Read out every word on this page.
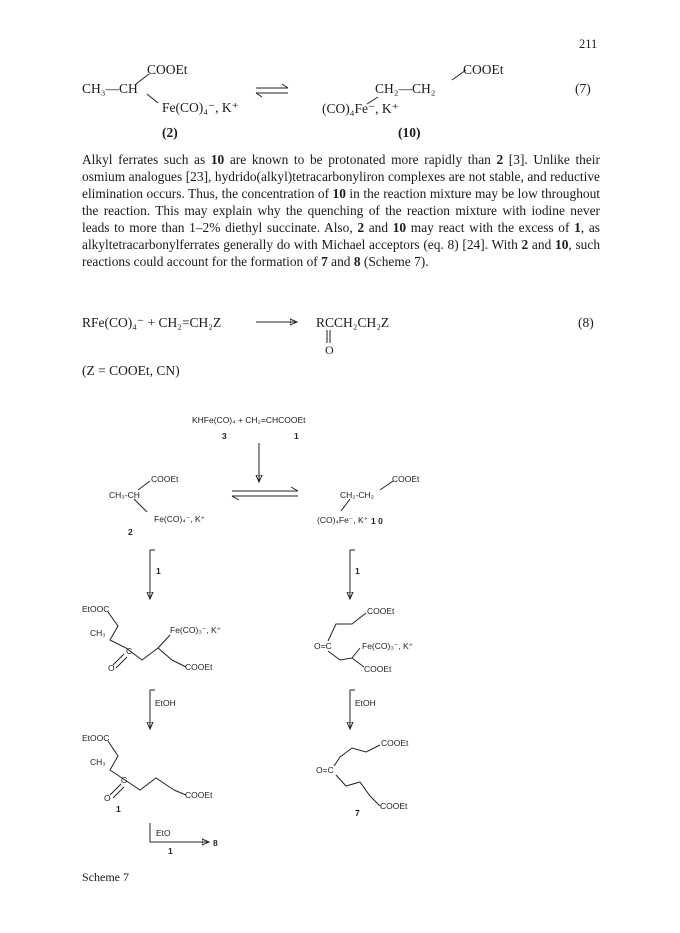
211
COOEt
CH₃—CH
Fe(CO)₄⁻, K⁺
(2)
COOEt
CH₂—CH₂
(CO)₄Fe⁻, K⁺
(10)
(7)

Alkyl ferrates such as 10 are known to be protonated more rapidly than 2 [3]. Unlike their osmium analogues [23], hydrido(alkyl)tetracarbonyliron complexes are not stable, and reductive elimination occurs. Thus, the concentration of 10 in the reaction mixture may be low throughout the reaction. This may explain why the quenching of the reaction mixture with iodine never leads to more than 1–2% diethyl succinate. Also, 2 and 10 may react with the excess of 1, as alkyltetracarbonylferrates generally do with Michael acceptors (eq. 8) [24]. With 2 and 10, such reactions could account for the formation of 7 and 8 (Scheme 7).

RFe(CO)₄⁻ + CH₂=CH₂Z	RCCH₂CH₂Z
O
(8)
(Z = COOEt, CN)
KHFe(CO)₄ + CH₂=CHCOOEt
3	1
COOEt
CH₃-CH
Fe(CO)₄⁻, K⁺
2
COOEt
CH₂-CH₂
(CO)₄Fe⁻, K⁺ 1 0
1	1
EtOOC
CH₃	Fe(CO)₃⁻, K⁺
C
O	COOEt
COOEt
O=C	Fe(CO)₃⁻, K⁺
COOEt
EtOH	EtOH
EtOOC
CH₃
C
O	COOEt
1
COOEt
O=C
COOEt
7
EtO
1
8
Scheme 7
